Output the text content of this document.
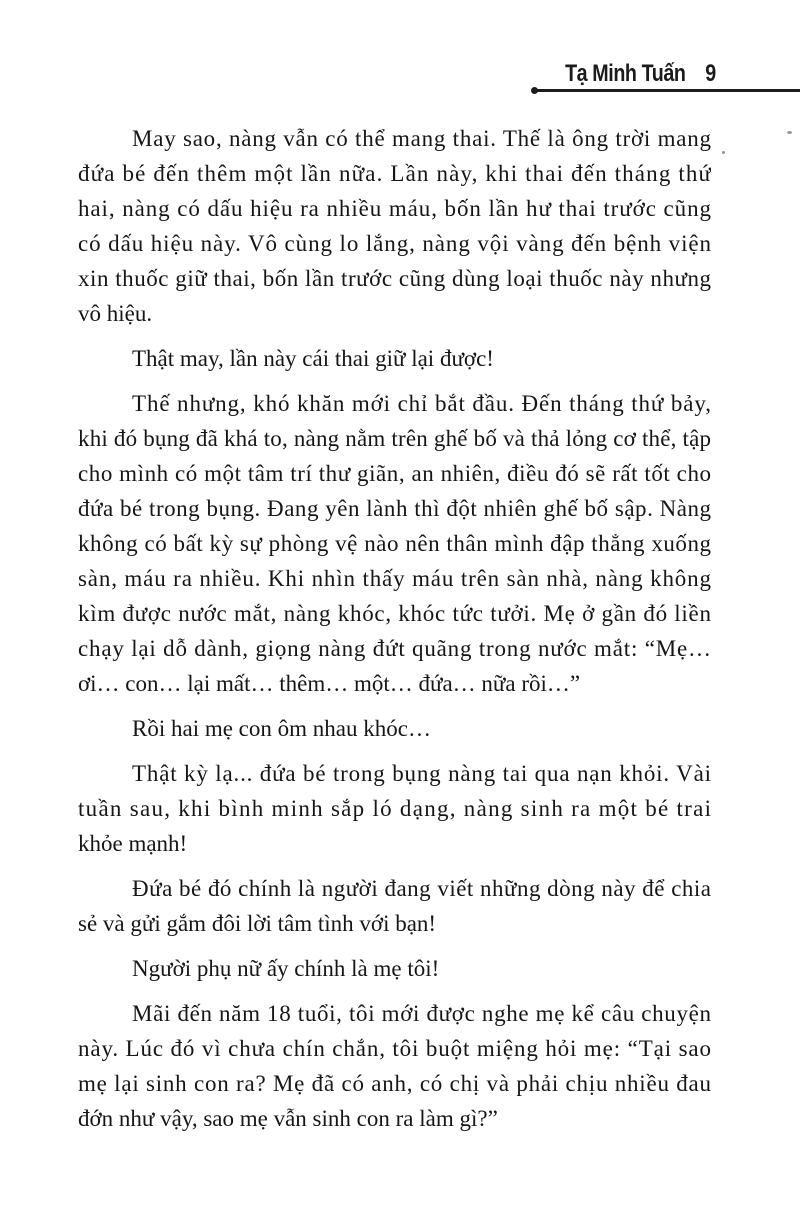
Tạ Minh Tuấn 9
May sao, nàng vẫn có thể mang thai. Thế là ông trời mang
đứa bé đến thêm một lần nữa. Lần này, khi thai đến tháng thứ
hai, nàng có dấu hiệu ra nhiều máu, bốn lần hư thai trước cũng
có dấu hiệu này. Vô cùng lo lắng, nàng vội vàng đến bệnh viện
xin thuốc giữ thai, bốn lần trước cũng dùng loại thuốc này nhưng
vô hiệu.
Thật may, lần này cái thai giữ lại được!
Thế nhưng, khó khăn mới chỉ bắt đầu. Đến tháng thứ bảy,
khi đó bụng đã khá to, nàng nằm trên ghế bố và thả lỏng cơ thể, tập
cho mình có một tâm trí thư giãn, an nhiên, điều đó sẽ rất tốt cho
đứa bé trong bụng. Đang yên lành thì đột nhiên ghế bố sập. Nàng
không có bất kỳ sự phòng vệ nào nên thân mình đập thẳng xuống
sàn, máu ra nhiều. Khi nhìn thấy máu trên sàn nhà, nàng không
kìm được nước mắt, nàng khóc, khóc tức tưởi. Mẹ ở gần đó liền
chạy lại dỗ dành, giọng nàng đứt quãng trong nước mắt: “Mẹ…
ơi… con… lại mất… thêm… một… đứa… nữa rồi…”
Rồi hai mẹ con ôm nhau khóc…
Thật kỳ lạ... đứa bé trong bụng nàng tai qua nạn khỏi. Vài
tuần sau, khi bình minh sắp ló dạng, nàng sinh ra một bé trai
khỏe mạnh!
Đứa bé đó chính là người đang viết những dòng này để chia
sẻ và gửi gắm đôi lời tâm tình với bạn!
Người phụ nữ ấy chính là mẹ tôi!
Mãi đến năm 18 tuổi, tôi mới được nghe mẹ kể câu chuyện
này. Lúc đó vì chưa chín chắn, tôi buột miệng hỏi mẹ: “Tại sao
mẹ lại sinh con ra? Mẹ đã có anh, có chị và phải chịu nhiều đau
đớn như vậy, sao mẹ vẫn sinh con ra làm gì?”
